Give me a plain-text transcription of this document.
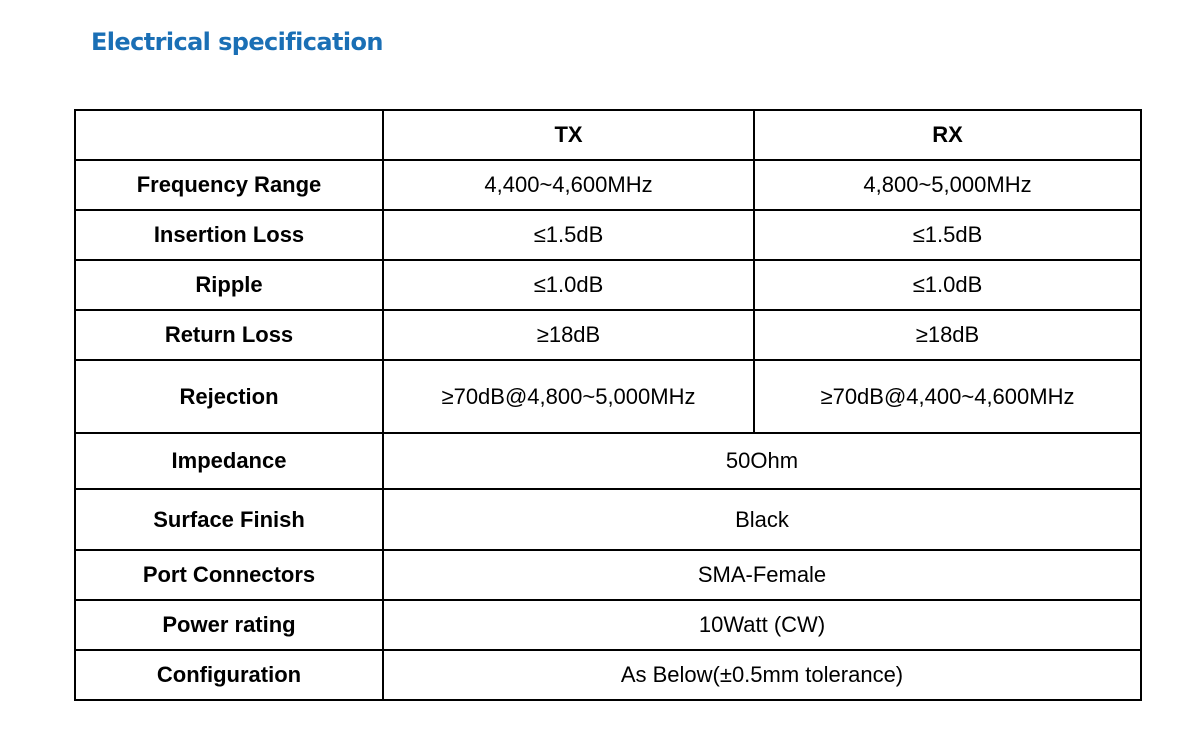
Electrical specification
	TX	RX
Frequency Range	4,400~4,600MHz	4,800~5,000MHz
Insertion Loss	≤1.5dB	≤1.5dB
Ripple	≤1.0dB	≤1.0dB
Return Loss	≥18dB	≥18dB
Rejection	≥70dB@4,800~5,000MHz	≥70dB@4,400~4,600MHz
Impedance	50Ohm	
Surface Finish	Black	
Port Connectors	SMA-Female	
Power rating	10Watt (CW)	
Configuration	As Below(±0.5mm tolerance)	
